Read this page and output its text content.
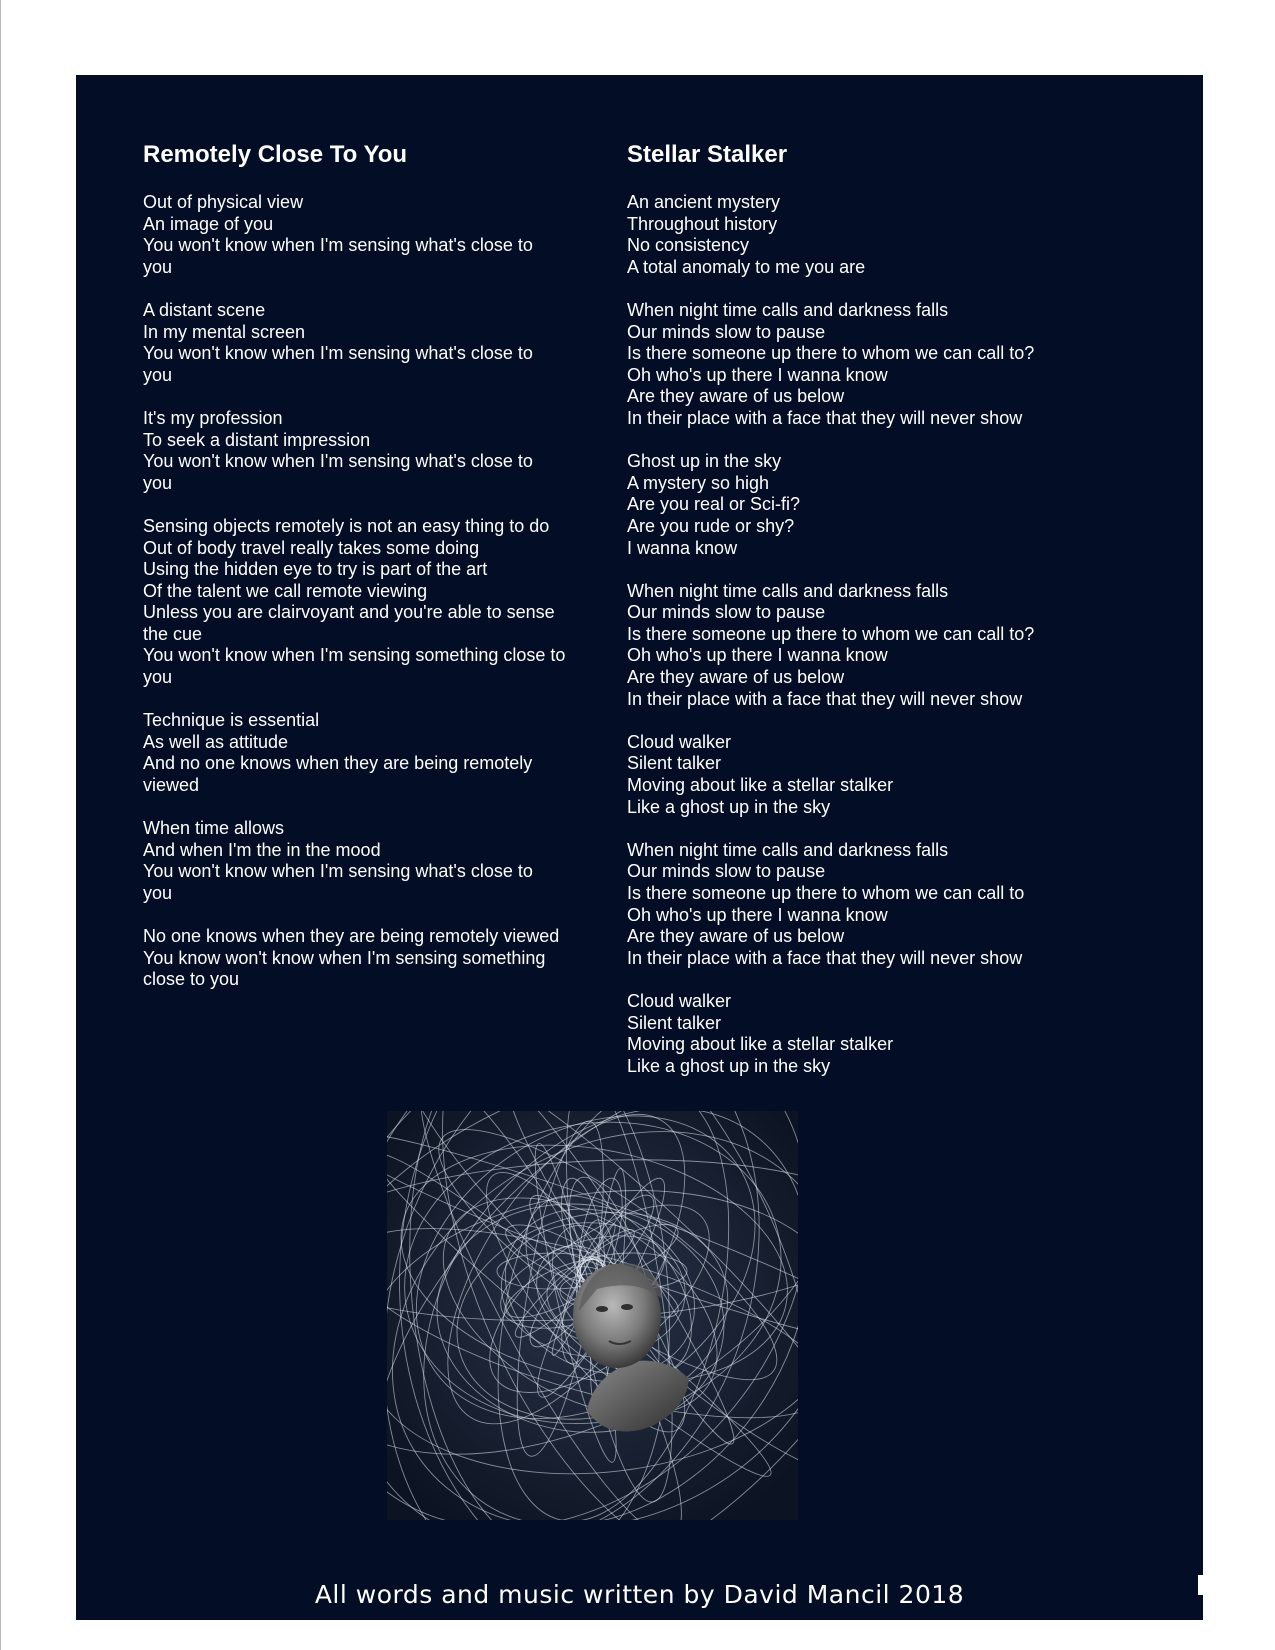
Remotely Close To You
Out of physical view
An image of you
You won't know when I'm sensing what's close to
you
A distant scene
In my mental screen
You won't know when I'm sensing what's close to
you
It's my profession
To seek a distant impression
You won't know when I'm sensing what's close to
you
Sensing objects remotely is not an easy thing to do
Out of body travel really takes some doing
Using the hidden eye to try is part of the art
Of the talent we call remote viewing
Unless you are clairvoyant and you're able to sense
the cue
You won't know when I'm sensing something close to
you
Technique is essential
As well as attitude
And no one knows when they are being remotely
viewed
When time allows
And when I'm the in the mood
You won't know when I'm sensing what's close to
you
No one knows when they are being remotely viewed
You know won't know when I'm sensing something
close to you
Stellar Stalker
An ancient mystery
Throughout history
No consistency
A total anomaly to me you are
When night time calls and darkness falls
Our minds slow to pause
Is there someone up there to whom we can call to?
Oh who's up there I wanna know
Are they aware of us below
In their place with a face that they will never show
Ghost up in the sky
A mystery so high
Are you real or Sci-fi?
Are you rude or shy?
I wanna know
When night time calls and darkness falls
Our minds slow to pause
Is there someone up there to whom we can call to?
Oh who's up there I wanna know
Are they aware of us below
In their place with a face that they will never show
Cloud walker
Silent talker
Moving about like a stellar stalker
Like a ghost up in the sky
When night time calls and darkness falls
Our minds slow to pause
Is there someone up there to whom we can call to
Oh who's up there I wanna know
Are they aware of us below
In their place with a face that they will never show
Cloud walker
Silent talker
Moving about like a stellar stalker
Like a ghost up in the sky
All words and music written by David Mancil 2018
